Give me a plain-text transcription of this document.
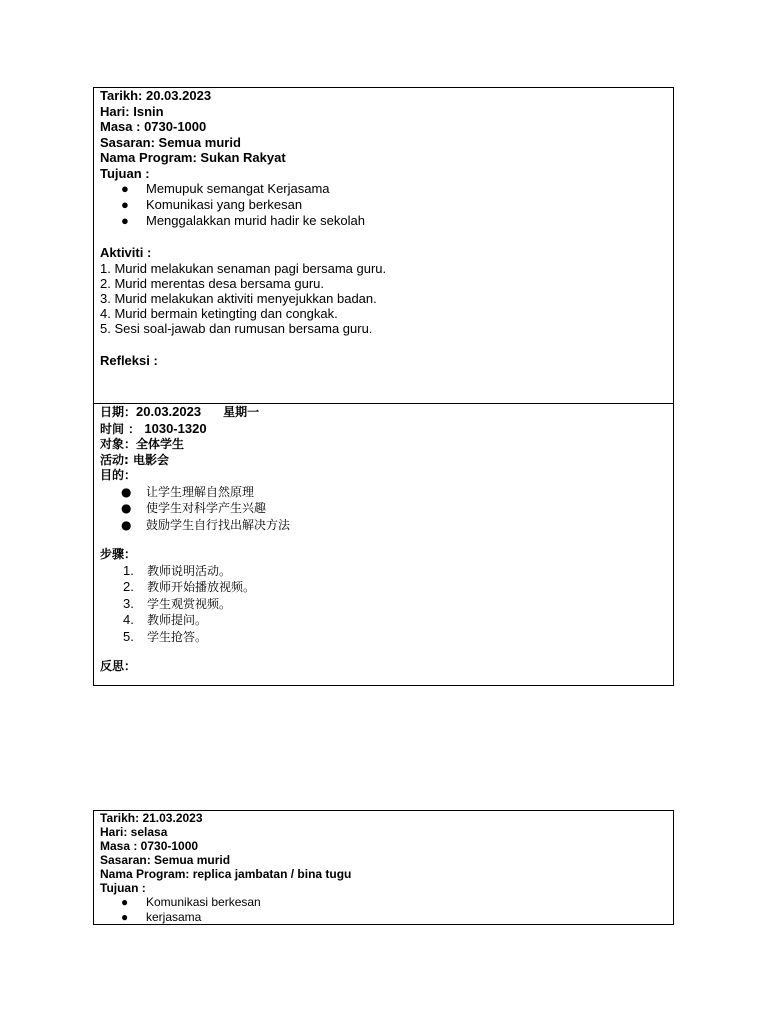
Tarikh: 20.03.2023
Hari: Isnin
Masa : 0730-1000
Sasaran: Semua murid
Nama Program: Sukan Rakyat
Tujuan :
● Memupuk semangat Kerjasama
● Komunikasi yang berkesan
● Menggalakkan murid hadir ke sekolah
Aktiviti :
1. Murid melakukan senaman pagi bersama guru.
2. Murid merentas desa bersama guru.
3. Murid melakukan aktiviti menyejukkan badan.
4. Murid bermain ketingting dan congkak.
5. Sesi soal-jawab dan rumusan bersama guru.
Refleksi :
日期：20.03.2023 星期一
时间 ： 1030-1320
对象：全体学生
活动: 电影会
目的：
● 让学生理解自然原理
● 使学生对科学产生兴趣
● 鼓励学生自行找出解决方法
步骤：
1. 教师说明活动。
2. 教师开始播放视频。
3. 学生观赏视频。
4. 教师提问。
5. 学生抢答。
反思：
Tarikh: 21.03.2023
Hari: selasa
Masa : 0730-1000
Sasaran: Semua murid
Nama Program: replica jambatan / bina tugu
Tujuan :
● Komunikasi berkesan
● kerjasama
